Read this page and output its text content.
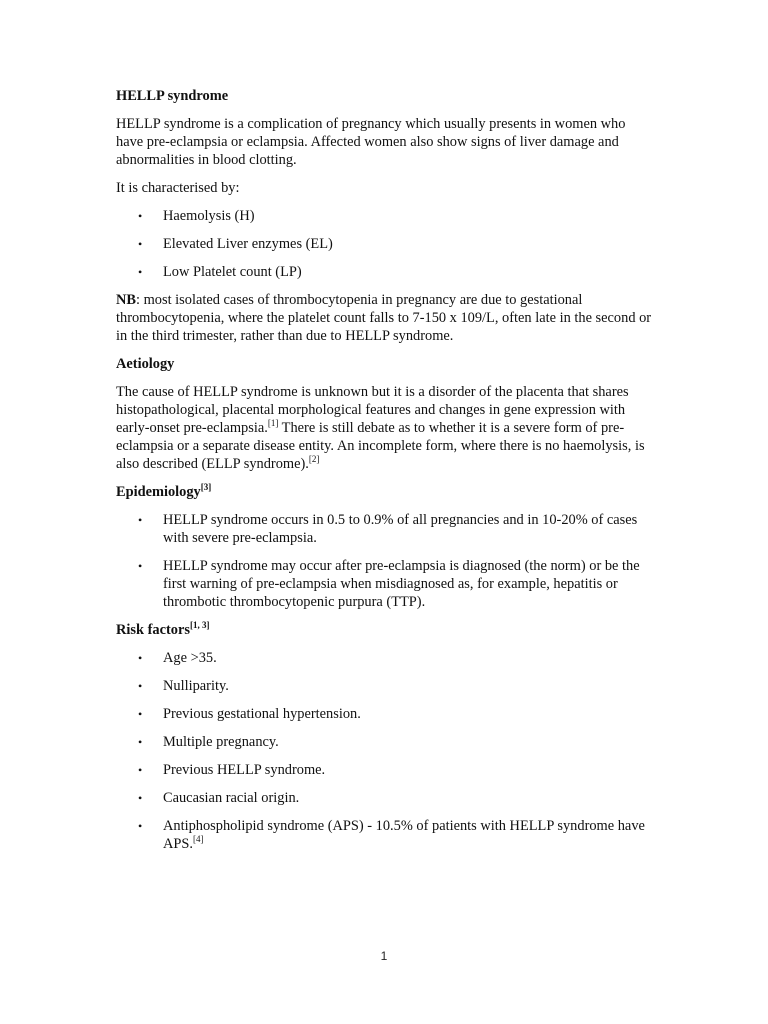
HELLP syndrome

HELLP syndrome is a complication of pregnancy which usually presents in women who have pre-eclampsia or eclampsia. Affected women also show signs of liver damage and abnormalities in blood clotting.

It is characterised by:

• Haemolysis (H)
• Elevated Liver enzymes (EL)
• Low Platelet count (LP)

NB: most isolated cases of thrombocytopenia in pregnancy are due to gestational thrombocytopenia, where the platelet count falls to 7-150 x 109/L, often late in the second or in the third trimester, rather than due to HELLP syndrome.

Aetiology

The cause of HELLP syndrome is unknown but it is a disorder of the placenta that shares histopathological, placental morphological features and changes in gene expression with early-onset pre-eclampsia.[1] There is still debate as to whether it is a severe form of pre-eclampsia or a separate disease entity. An incomplete form, where there is no haemolysis, is also described (ELLP syndrome).[2]

Epidemiology[3]
• HELLP syndrome occurs in 0.5 to 0.9% of all pregnancies and in 10-20% of cases with severe pre-eclampsia.
• HELLP syndrome may occur after pre-eclampsia is diagnosed (the norm) or be the first warning of pre-eclampsia when misdiagnosed as, for example, hepatitis or thrombotic thrombocytopenic purpura (TTP).
Risk factors[1, 3]
• Age >35.
• Nulliparity.
• Previous gestational hypertension.
• Multiple pregnancy.
• Previous HELLP syndrome.
• Caucasian racial origin.
• Antiphospholipid syndrome (APS) - 10.5% of patients with HELLP syndrome have APS.[4]
1
